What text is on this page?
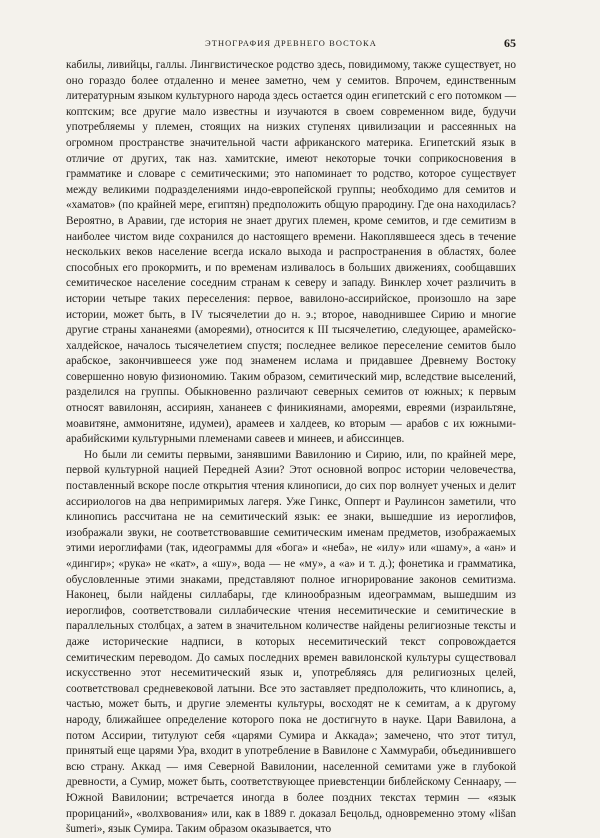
ЭТНОГРАФИЯ ДРЕВНЕГО ВОСТОКА	65

кабилы, ливийцы, галлы. Лингвистическое родство здесь, повидимому, также существует, но оно гораздо более отдаленно и менее заметно, чем у семитов. Впрочем, единственным литературным языком культурного народа здесь остается один египетский с его потомком — коптским; все другие мало известны и изучаются в своем современном виде, будучи употребляемы у племен, стоящих на низких ступенях цивилизации и рассеянных на огромном пространстве значительной части африканского материка. Египетский язык в отличие от других, так наз. хамитские, имеют некоторые точки соприкосновения в грамматике и словаре с семитическими; это напоминает то родство, которое существует между великими подразделениями индо-европейской группы; необходимо для семитов и «хаматов» (по крайней мере, египтян) предположить общую прародину. Где она находилась? Вероятно, в Аравии, где история не знает других племен, кроме семитов, и где семитизм в наиболее чистом виде сохранился до настоящего времени. Накоплявшееся здесь в течение нескольких веков население всегда искало выхода и распространения в областях, более способных его прокормить, и по временам изливалось в больших движениях, сообщавших семитическое население соседним странам к северу и западу. Винклер хочет различить в истории четыре таких переселения: первое, вавилоно-ассирийское, произошло на заре истории, может быть, в IV тысячелетии до н. э.; второе, наводнившее Сирию и многие другие страны хананеями (амореями), относится к III тысячелетию, следующее, арамейско-халдейское, началось тысячелетием спустя; последнее великое переселение семитов было арабское, закончившееся уже под знаменем ислама и придавшее Древнему Востоку совершенно новую физиономию. Таким образом, семитический мир, вследствие выселений, разделился на группы. Обыкновенно различают северных семитов от южных; к первым относят вавилонян, ассириян, хананеев с финикиянами, амореями, евреями (израильтяне, моавитяне, аммонитяне, идумеи), арамеев и халдеев, ко вторым — арабов с их южными-арабийскими культурными племенами савеев и минеев, и абиссинцев.

Но были ли семиты первыми, занявшими Вавилонию и Сирию, или, по крайней мере, первой культурной нацией Передней Азии? Этот основной вопрос истории человечества, поставленный вскоре после открытия чтения клинописи, до сих пор волнует ученых и делит ассириологов на два непримиримых лагеря. Уже Гинкс, Опперт и Раулинсон заметили, что клинопись рассчитана не на семитический язык: ее знаки, вышедшие из иероглифов, изображали звуки, не соответствовавшие семитическим именам предметов, изображаемых этими иероглифами (так, идеограммы для «бога» и «неба», не «илу» или «шаму», а «ан» и «дингир»; «рука» не «кат», а «шу», вода — не «му», а «а» и т. д.); фонетика и грамматика, обусловленные этими знаками, представляют полное игнорирование законов семитизма. Наконец, были найдены силлабары, где клинообразным идеограммам, вышедшим из иероглифов, соответствовали силлабические чтения несемитические и семитические в параллельных столбцах, а затем в значительном количестве найдены религиозные тексты и даже исторические надписи, в которых несемитический текст сопровождается семитическим переводом. До самых последних времен вавилонской культуры существовал искусственно этот несемитический язык и, употребляясь для религиозных целей, соответствовал средневековой латыни. Все это заставляет предположить, что клинопись, а, частью, может быть, и другие элементы культуры, восходят не к семитам, а к другому народу, ближайшее определение которого пока не достигнуто в науке. Цари Вавилона, а потом Ассирии, титулуют себя «царями Сумира и Аккада»; замечено, что этот титул, принятый еще царями Ура, входит в употребление в Вавилоне с Хаммураби, объединившего всю страну. Аккад — имя Северной Вавилонии, населенной семитами уже в глубокой древности, а Сумир, может быть, соответствующее приевстенции библейскому Сеннаару, — Южной Вавилонии; встречается иногда в более поздних текстах термин — «язык прорицаний», «волхвования» или, как в 1889 г. доказал Бецольд, одновременно этому «lišan šumeri», язык Сумира. Таким образом оказывается, что
